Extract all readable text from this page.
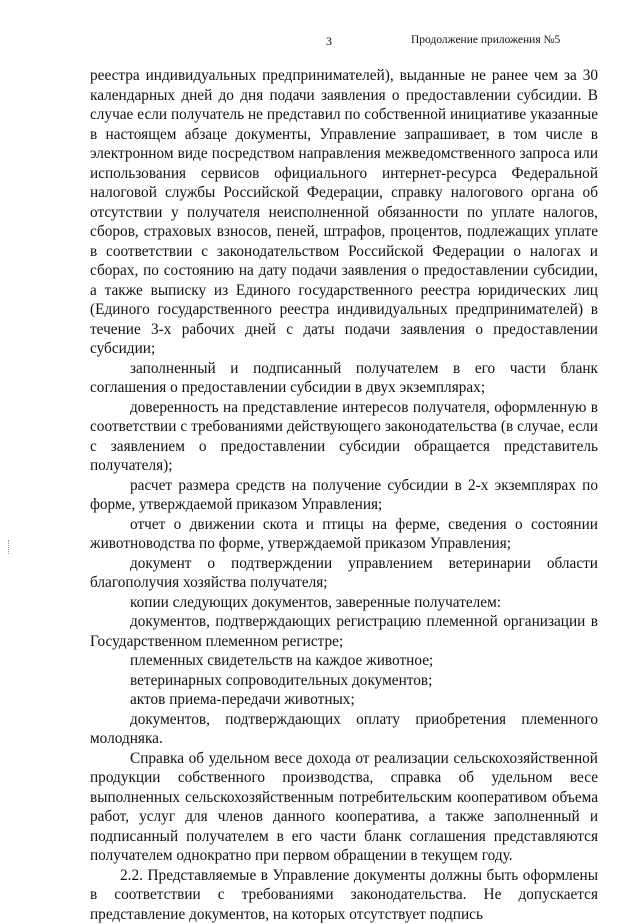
3	Продолжение приложения №5

реестра индивидуальных предпринимателей), выданные не ранее чем за 30 календарных дней до дня подачи заявления о предоставлении субсидии. В случае если получатель не представил по собственной инициативе указанные в настоящем абзаце документы, Управление запрашивает, в том числе в электронном виде посредством направления межведомственного запроса или использования сервисов официального интернет-ресурса Федеральной налоговой службы Российской Федерации, справку налогового органа об отсутствии у получателя неисполненной обязанности по уплате налогов, сборов, страховых взносов, пеней, штрафов, процентов, подлежащих уплате в соответствии с законодательством Российской Федерации о налогах и сборах, по состоянию на дату подачи заявления о предоставлении субсидии, а также выписку из Единого государственного реестра юридических лиц (Единого государственного реестра индивидуальных предпринимателей) в течение 3-х рабочих дней с даты подачи заявления о предоставлении субсидии;

заполненный и подписанный получателем в его части бланк соглашения о предоставлении субсидии в двух экземплярах;

доверенность на представление интересов получателя, оформленную в соответствии с требованиями действующего законодательства (в случае, если с заявлением о предоставлении субсидии обращается представитель получателя);

расчет размера средств на получение субсидии в 2-х экземплярах по форме, утверждаемой приказом Управления;

отчет о движении скота и птицы на ферме, сведения о состоянии животноводства по форме, утверждаемой приказом Управления;

документ о подтверждении управлением ветеринарии области благополучия хозяйства получателя;

копии следующих документов, заверенные получателем:

документов, подтверждающих регистрацию племенной организации в Государственном племенном регистре;

племенных свидетельств на каждое животное;

ветеринарных сопроводительных документов;

актов приема-передачи животных;

документов, подтверждающих оплату приобретения племенного молодняка.

Справка об удельном весе дохода от реализации сельскохозяйственной продукции собственного производства, справка об удельном весе выполненных сельскохозяйственным потребительским кооперативом объема работ, услуг для членов данного кооператива, а также заполненный и подписанный получателем в его части бланк соглашения представляются получателем однократно при первом обращении в текущем году.

2.2. Представляемые в Управление документы должны быть оформлены в соответствии с требованиями законодательства. Не допускается представление документов, на которых отсутствует подпись
